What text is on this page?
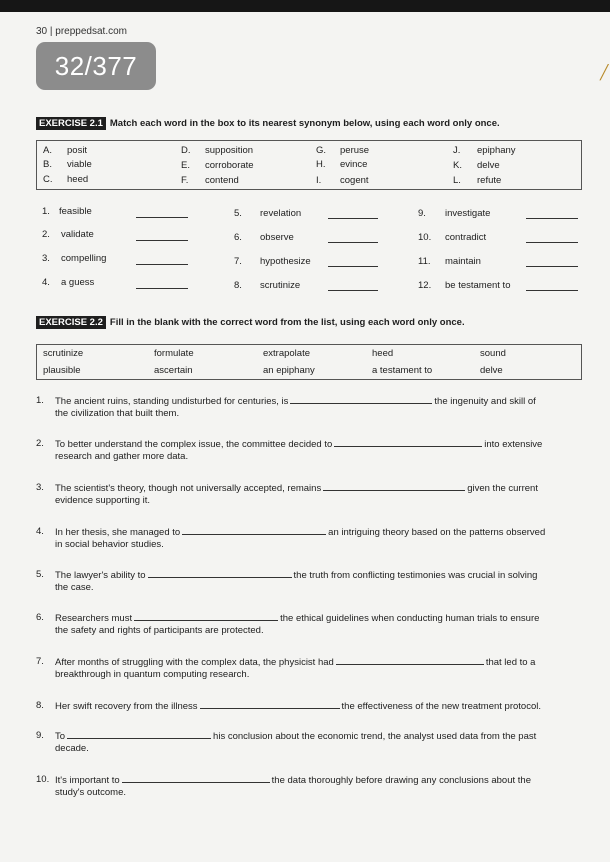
30 | preppedsat.com
32/377	╱
EXERCISE 2.1 Match each word in the box to its nearest synonym below, using each word only once.
A. posit	D. supposition	G. peruse	J. epiphany
B. viable	E. corroborate	H. evince	K. delve
C. heed	F. contend	I. cogent	L. refute
1. feasible	5. revelation	9. investigate
2. validate	6. observe	10. contradict
3. compelling	7. hypothesize	11. maintain
4. a guess	8. scrutinize	12. be testament to
EXERCISE 2.2 Fill in the blank with the correct word from the list, using each word only once.
scrutinize	formulate	extrapolate	heed	sound
plausible	ascertain	an epiphany	a testament to	delve
1. The ancient ruins, standing undisturbed for centuries, is	the ingenuity and skill of
the civilization that built them.
2. To better understand the complex issue, the committee decided to	into extensive
research and gather more data.
3. The scientist's theory, though not universally accepted, remains	given the current
evidence supporting it.
4. In her thesis, she managed to	an intriguing theory based on the patterns observed
in social behavior studies.
5. The lawyer's ability to	the truth from conflicting testimonies was crucial in solving
the case.
6. Researchers must	the ethical guidelines when conducting human trials to ensure
the safety and rights of participants are protected.
7. After months of struggling with the complex data, the physicist had	that led to a
breakthrough in quantum computing research.
8. Her swift recovery from the illness	the effectiveness of the new treatment protocol.
9. To	his conclusion about the economic trend, the analyst used data from the past
decade.
10. It's important to	the data thoroughly before drawing any conclusions about the
study's outcome.
